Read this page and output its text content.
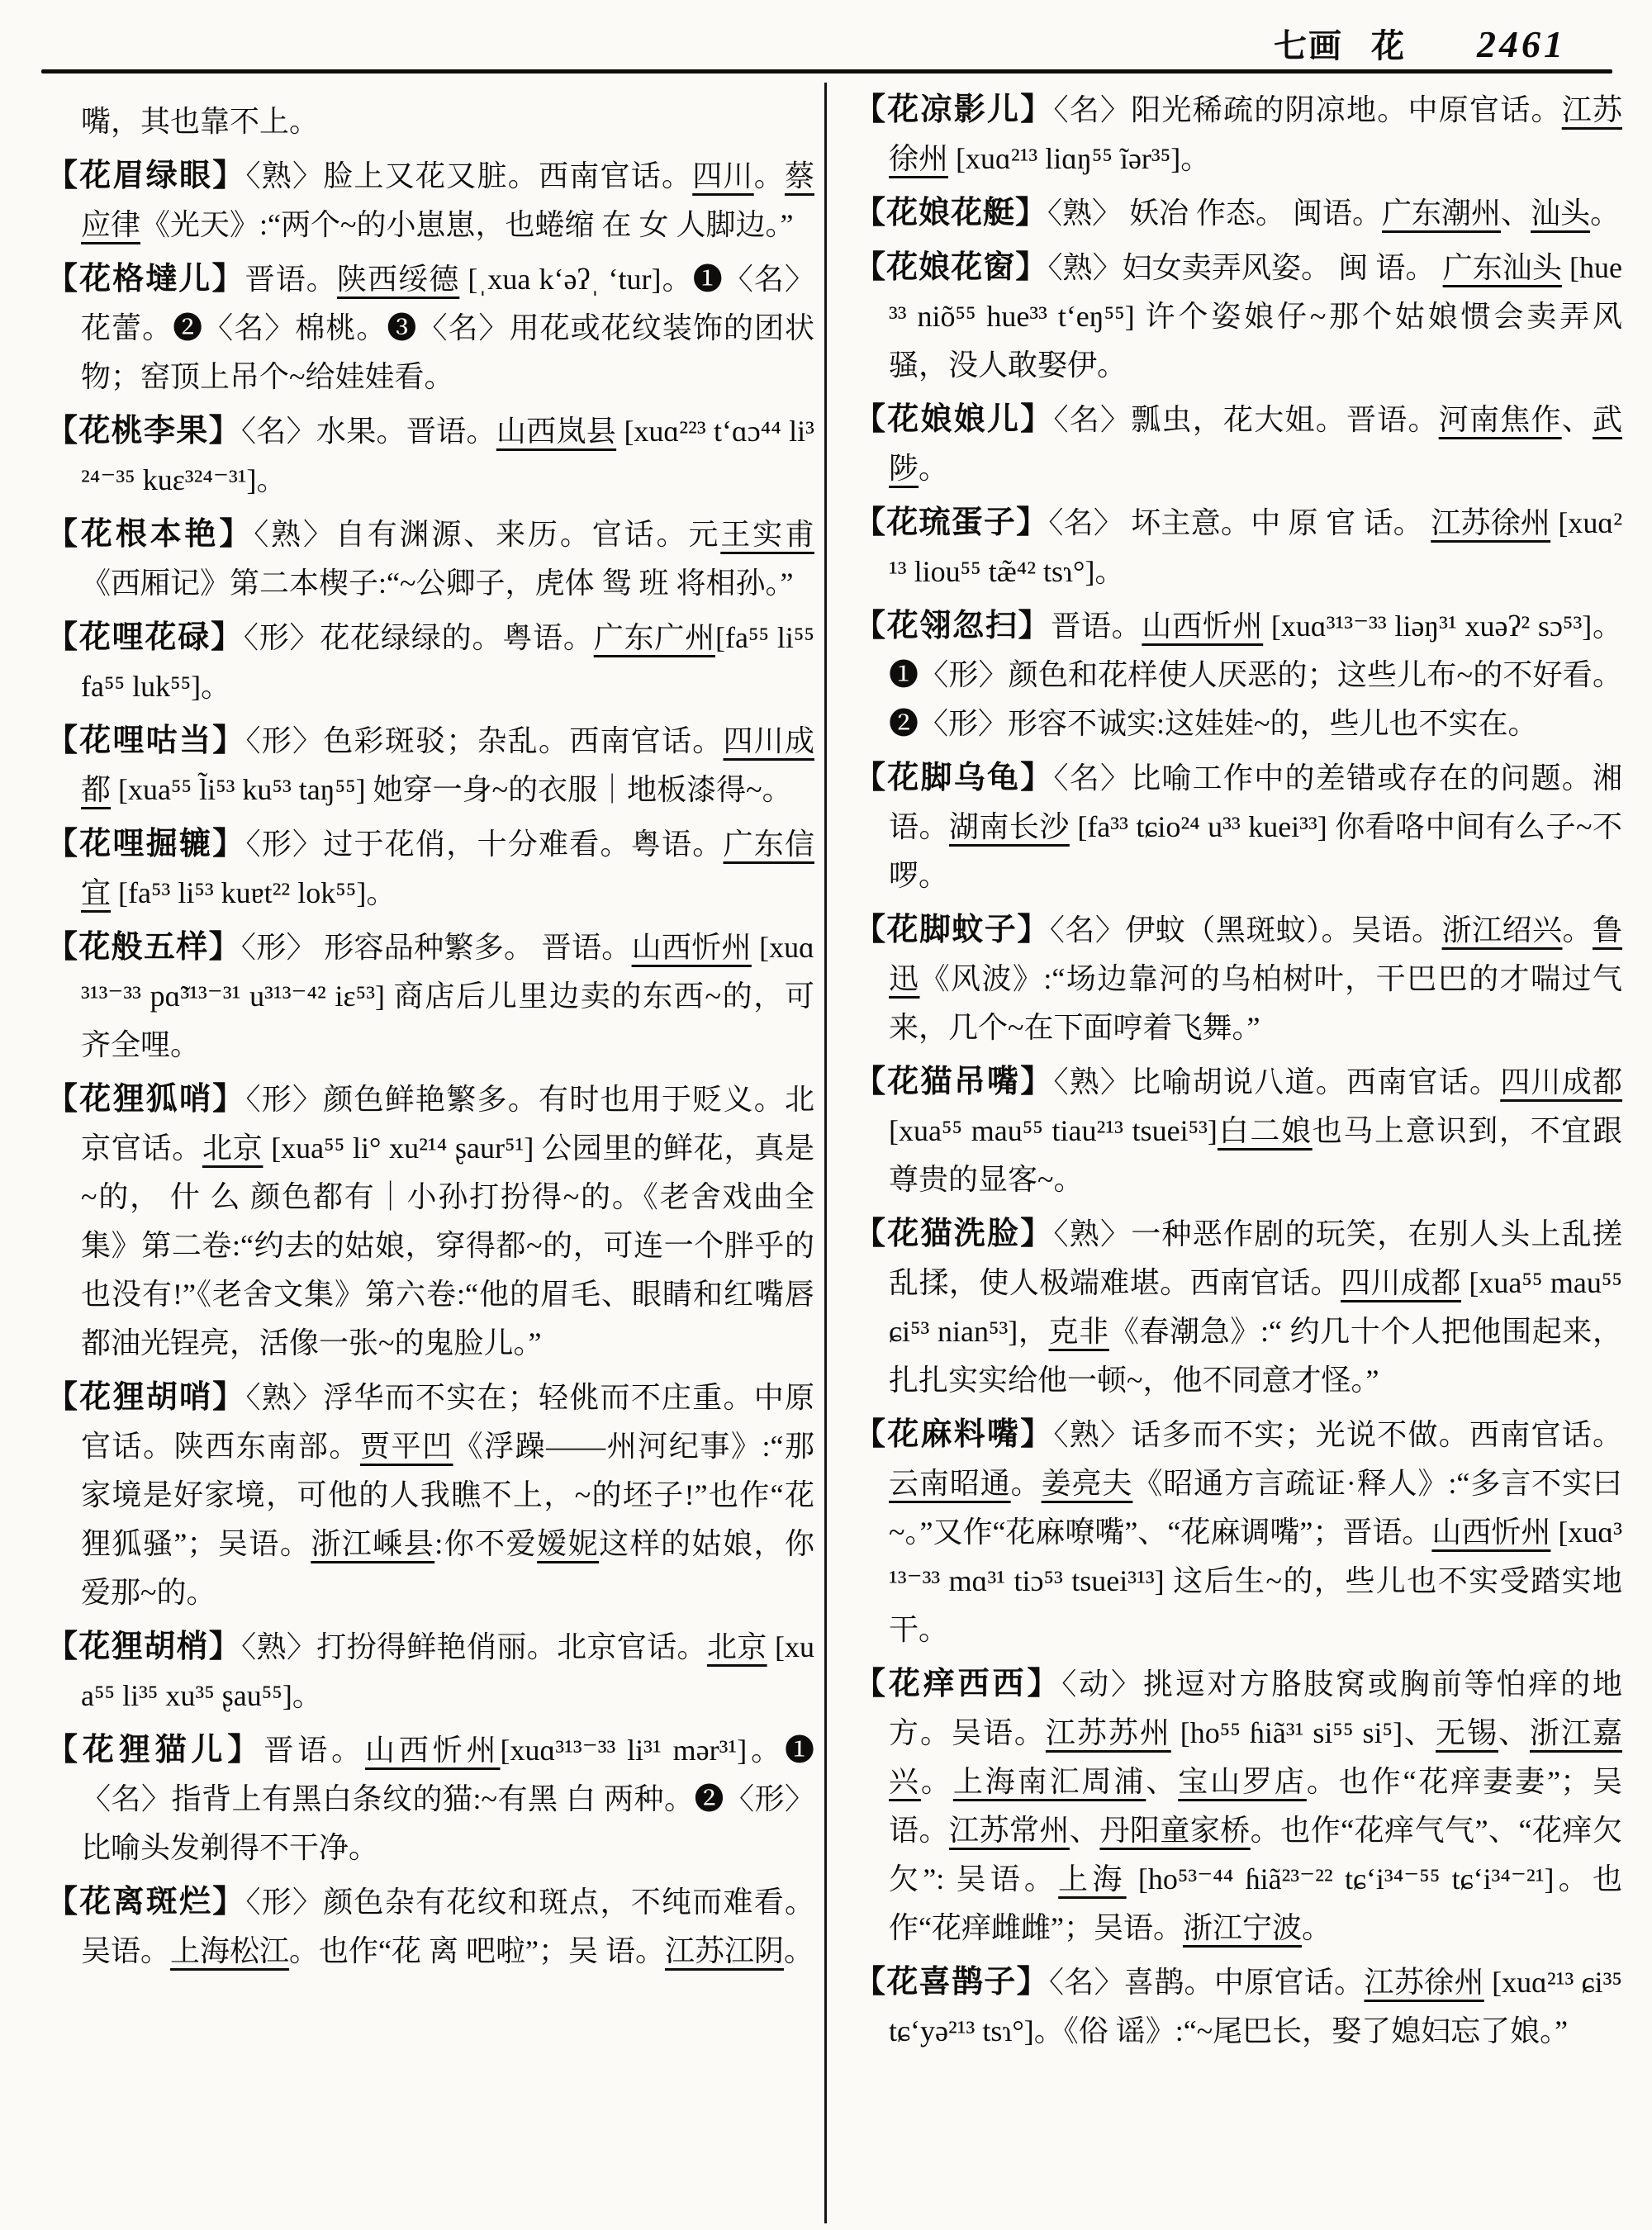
七画 花 2461

嘴，其也靠不上。

【花眉绿眼】〈熟〉脸上又花又脏。西南官话。四川。蔡应律《光天》:“两个~的小崽崽，也蜷缩 在 女 人脚边。”

【花格墶儿】晋语。陕西绥德 [ˌxua kʻəʔˌ ʻtur]。❶〈名〉花蕾。❷〈名〉棉桃。❸〈名〉用花或花纹装饰的团状物；窑顶上吊个~给娃娃看。

【花桃李果】〈名〉水果。晋语。山西岚县 [xuɑ²²³ tʻɑɔ⁴⁴ li³²⁴⁻³⁵ kuɛ³²⁴⁻³¹]。

【花根本艳】〈熟〉自有渊源、来历。官话。元王实甫《西厢记》第二本楔子:“~公卿子，虎体 鸳 班 将相孙。”

【花哩花碌】〈形〉花花绿绿的。粤语。广东广州[fa⁵⁵ li⁵⁵ fa⁵⁵ luk⁵⁵]。

【花哩咕当】〈形〉色彩斑驳；杂乱。西南官话。四川成都 [xua⁵⁵ l̃i⁵³ ku⁵³ taŋ⁵⁵] 她穿一身~的衣服｜地板漆得~。

【花哩掘辘】〈形〉过于花俏，十分难看。粤语。广东信宜 [fa⁵³ li⁵³ kuɐt²² lok⁵⁵]。

【花般五样】〈形〉 形容品种繁多。 晋语。山西忻州 [xuɑ³¹³⁻³³ pɑ̃³¹³⁻³¹ u³¹³⁻⁴² iɛ⁵³] 商店后儿里边卖的东西~的，可齐全哩。

【花狸狐哨】〈形〉颜色鲜艳繁多。有时也用于贬义。北京官话。北京 [xua⁵⁵ li° xu²¹⁴ ʂaur⁵¹] 公园里的鲜花，真是~的， 什 么 颜色都有｜小孙打扮得~的。《老舍戏曲全集》第二卷:“约去的姑娘，穿得都~的，可连一个胖乎的也没有!”《老舍文集》第六卷:“他的眉毛、眼睛和红嘴唇都油光锃亮，活像一张~的鬼脸儿。”

【花狸胡哨】〈熟〉浮华而不实在；轻佻而不庄重。中原官话。陕西东南部。贾平凹《浮躁——州河纪事》:“那家境是好家境，可他的人我瞧不上，~的坯子!”也作“花狸狐骚”；吴语。浙江嵊县:你不爱嫒妮这样的姑娘，你爱那~的。

【花狸胡梢】〈熟〉打扮得鲜艳俏丽。北京官话。北京 [xua⁵⁵ li³⁵ xu³⁵ ʂau⁵⁵]。

【花狸猫儿】晋语。山西忻州[xuɑ³¹³⁻³³ li³¹ mər³¹]。❶〈名〉指背上有黑白条纹的猫:~有黑 白 两种。❷〈形〉比喻头发剃得不干净。

【花离斑烂】〈形〉颜色杂有花纹和斑点，不纯而难看。吴语。上海松江。也作“花 离 吧啦”；吴 语。江苏江阴。

【花凉影儿】〈名〉阳光稀疏的阴凉地。中原官话。江苏徐州 [xuɑ²¹³ liɑŋ⁵⁵ ĩər³⁵]。

【花娘花艇】〈熟〉 妖冶 作态。 闽语。广东潮州、汕头。

【花娘花窗】〈熟〉妇女卖弄风姿。 闽 语。 广东汕头 [hue³³ niõ⁵⁵ hue³³ tʻeŋ⁵⁵] 许个姿娘仔~那个姑娘惯会卖弄风骚，没人敢娶伊。

【花娘娘儿】〈名〉瓢虫，花大姐。晋语。河南焦作、武陟。

【花琉蛋子】〈名〉 坏主意。中 原 官 话。 江苏徐州 [xuɑ²¹³ liou⁵⁵ tæ̃⁴² tsɿ°]。

【花翎忽扫】晋语。山西忻州 [xuɑ³¹³⁻³³ liəŋ³¹ xuəʔ² sɔ⁵³]。❶〈形〉颜色和花样使人厌恶的；这些儿布~的不好看。❷〈形〉形容不诚实:这娃娃~的，些儿也不实在。

【花脚乌龟】〈名〉比喻工作中的差错或存在的问题。湘语。湖南长沙 [fa³³ tɕio²⁴ u³³ kuei³³] 你看咯中间有么子~不啰。

【花脚蚊子】〈名〉伊蚊（黑斑蚊）。吴语。浙江绍兴。鲁迅《风波》:“场边靠河的乌柏树叶，干巴巴的才喘过气来，几个~在下面哼着飞舞。”

【花猫吊嘴】〈熟〉比喻胡说八道。西南官话。四川成都 [xua⁵⁵ mau⁵⁵ tiau²¹³ tsuei⁵³]白二娘也马上意识到，不宜跟尊贵的显客~。

【花猫洗脸】〈熟〉一种恶作剧的玩笑，在别人头上乱搓乱揉，使人极端难堪。西南官话。四川成都 [xua⁵⁵ mau⁵⁵ ɕi⁵³ nian⁵³]，克非《春潮急》:“ 约几十个人把他围起来，扎扎实实给他一顿~，他不同意才怪。”

【花麻料嘴】〈熟〉话多而不实；光说不做。西南官话。云南昭通。姜亮夫《昭通方言疏证·释人》:“多言不实曰~。”又作“花麻嘹嘴”、“花麻调嘴”；晋语。山西忻州 [xuɑ³¹³⁻³³ mɑ³¹ tiɔ⁵³ tsuei³¹³] 这后生~的，些儿也不实受踏实地干。

【花痒西西】〈动〉挑逗对方胳肢窝或胸前等怕痒的地方。吴语。江苏苏州 [ho⁵⁵ ɦiã³¹ si⁵⁵ si⁵]、无锡、浙江嘉兴。上海南汇周浦、宝山罗店。也作“花痒妻妻”；吴 语。江苏常州、丹阳童家桥。也作“花痒气气”、“花痒欠欠”: 吴语。上海 [ho⁵³⁻⁴⁴ ɦiã²³⁻²² tɕʻi³⁴⁻⁵⁵ tɕʻi³⁴⁻²¹]。也作“花痒雌雌”；吴语。浙江宁波。

【花喜鹊子】〈名〉喜鹊。中原官话。江苏徐州 [xuɑ²¹³ ɕi³⁵ tɕʻyə²¹³ tsɿ°]。《俗 谣》:“~尾巴长，娶了媳妇忘了娘。”
